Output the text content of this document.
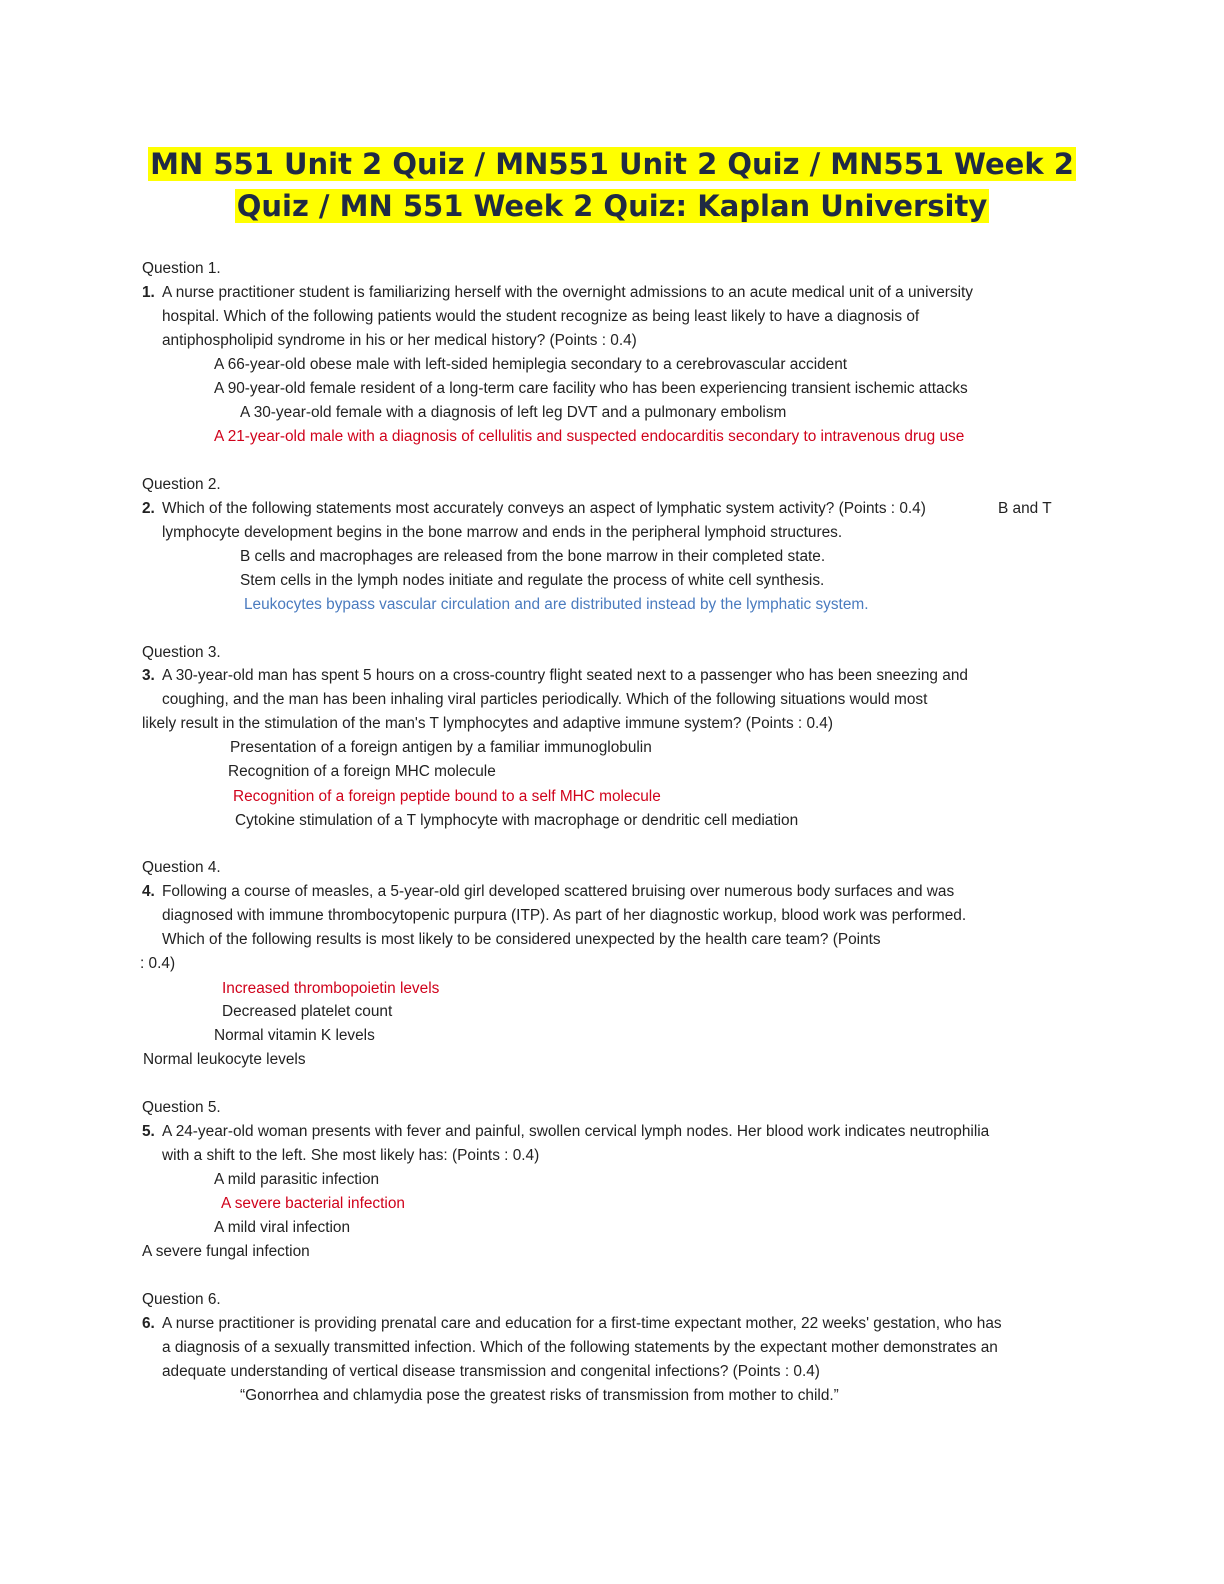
MN 551 Unit 2 Quiz / MN551 Unit 2 Quiz / MN551 Week 2
Quiz / MN 551 Week 2 Quiz: Kaplan University
Question 1.
1. A nurse practitioner student is familiarizing herself with the overnight admissions to an acute medical unit of a university
hospital. Which of the following patients would the student recognize as being least likely to have a diagnosis of
antiphospholipid syndrome in his or her medical history? (Points : 0.4)
A 66-year-old obese male with left-sided hemiplegia secondary to a cerebrovascular accident
A 90-year-old female resident of a long-term care facility who has been experiencing transient ischemic attacks
A 30-year-old female with a diagnosis of left leg DVT and a pulmonary embolism
A 21-year-old male with a diagnosis of cellulitis and suspected endocarditis secondary to intravenous drug use
Question 2.
2. Which of the following statements most accurately conveys an aspect of lymphatic system activity? (Points : 0.4)	B and T
lymphocyte development begins in the bone marrow and ends in the peripheral lymphoid structures.
B cells and macrophages are released from the bone marrow in their completed state.
Stem cells in the lymph nodes initiate and regulate the process of white cell synthesis.
Leukocytes bypass vascular circulation and are distributed instead by the lymphatic system.
Question 3.
3. A 30-year-old man has spent 5 hours on a cross-country flight seated next to a passenger who has been sneezing and
coughing, and the man has been inhaling viral particles periodically. Which of the following situations would most
likely result in the stimulation of the man's T lymphocytes and adaptive immune system? (Points : 0.4)
Presentation of a foreign antigen by a familiar immunoglobulin
Recognition of a foreign MHC molecule
Recognition of a foreign peptide bound to a self MHC molecule
Cytokine stimulation of a T lymphocyte with macrophage or dendritic cell mediation
Question 4.
4. Following a course of measles, a 5-year-old girl developed scattered bruising over numerous body surfaces and was
diagnosed with immune thrombocytopenic purpura (ITP). As part of her diagnostic workup, blood work was performed.
Which of the following results is most likely to be considered unexpected by the health care team? (Points
: 0.4)
Increased thrombopoietin levels
Decreased platelet count
Normal vitamin K levels
Normal leukocyte levels
Question 5.
5. A 24-year-old woman presents with fever and painful, swollen cervical lymph nodes. Her blood work indicates neutrophilia
with a shift to the left. She most likely has: (Points : 0.4)
A mild parasitic infection
A severe bacterial infection
A mild viral infection
A severe fungal infection
Question 6.
6. A nurse practitioner is providing prenatal care and education for a first-time expectant mother, 22 weeks' gestation, who has
a diagnosis of a sexually transmitted infection. Which of the following statements by the expectant mother demonstrates an
adequate understanding of vertical disease transmission and congenital infections? (Points : 0.4)
“Gonorrhea and chlamydia pose the greatest risks of transmission from mother to child.”
